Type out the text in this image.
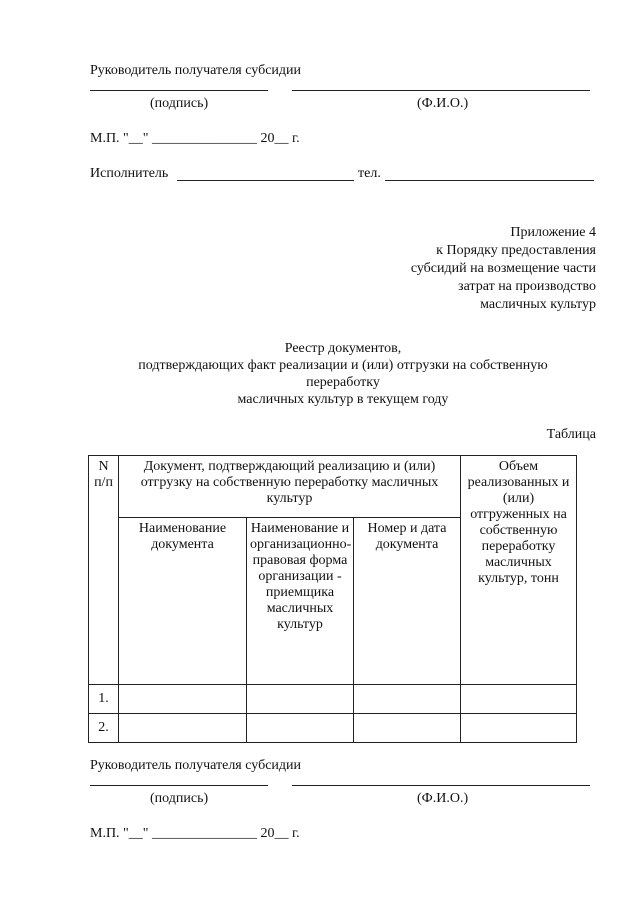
Руководитель получателя субсидии
(подпись)	(Ф.И.О.)
М.П. "__" _______________ 20__ г.
Исполнитель	тел.
Приложение 4
к Порядку предоставления
субсидий на возмещение части
затрат на производство
масличных культур
Реестр документов,
подтверждающих факт реализации и (или) отгрузки на собственную
переработку
масличных культур в текущем году
Таблица
N п/п	Документ, подтверждающий реализацию и (или) отгрузку на собственную переработку масличных культур			Объем реализованных и (или) отгруженных на собственную переработку масличных культур, тонн
	Наименование документа	Наименование и организационно-правовая форма организации - приемщика масличных культур	Номер и дата документа	
1.				
2.				
Руководитель получателя субсидии
(подпись)	(Ф.И.О.)
М.П. "__" _______________ 20__ г.
